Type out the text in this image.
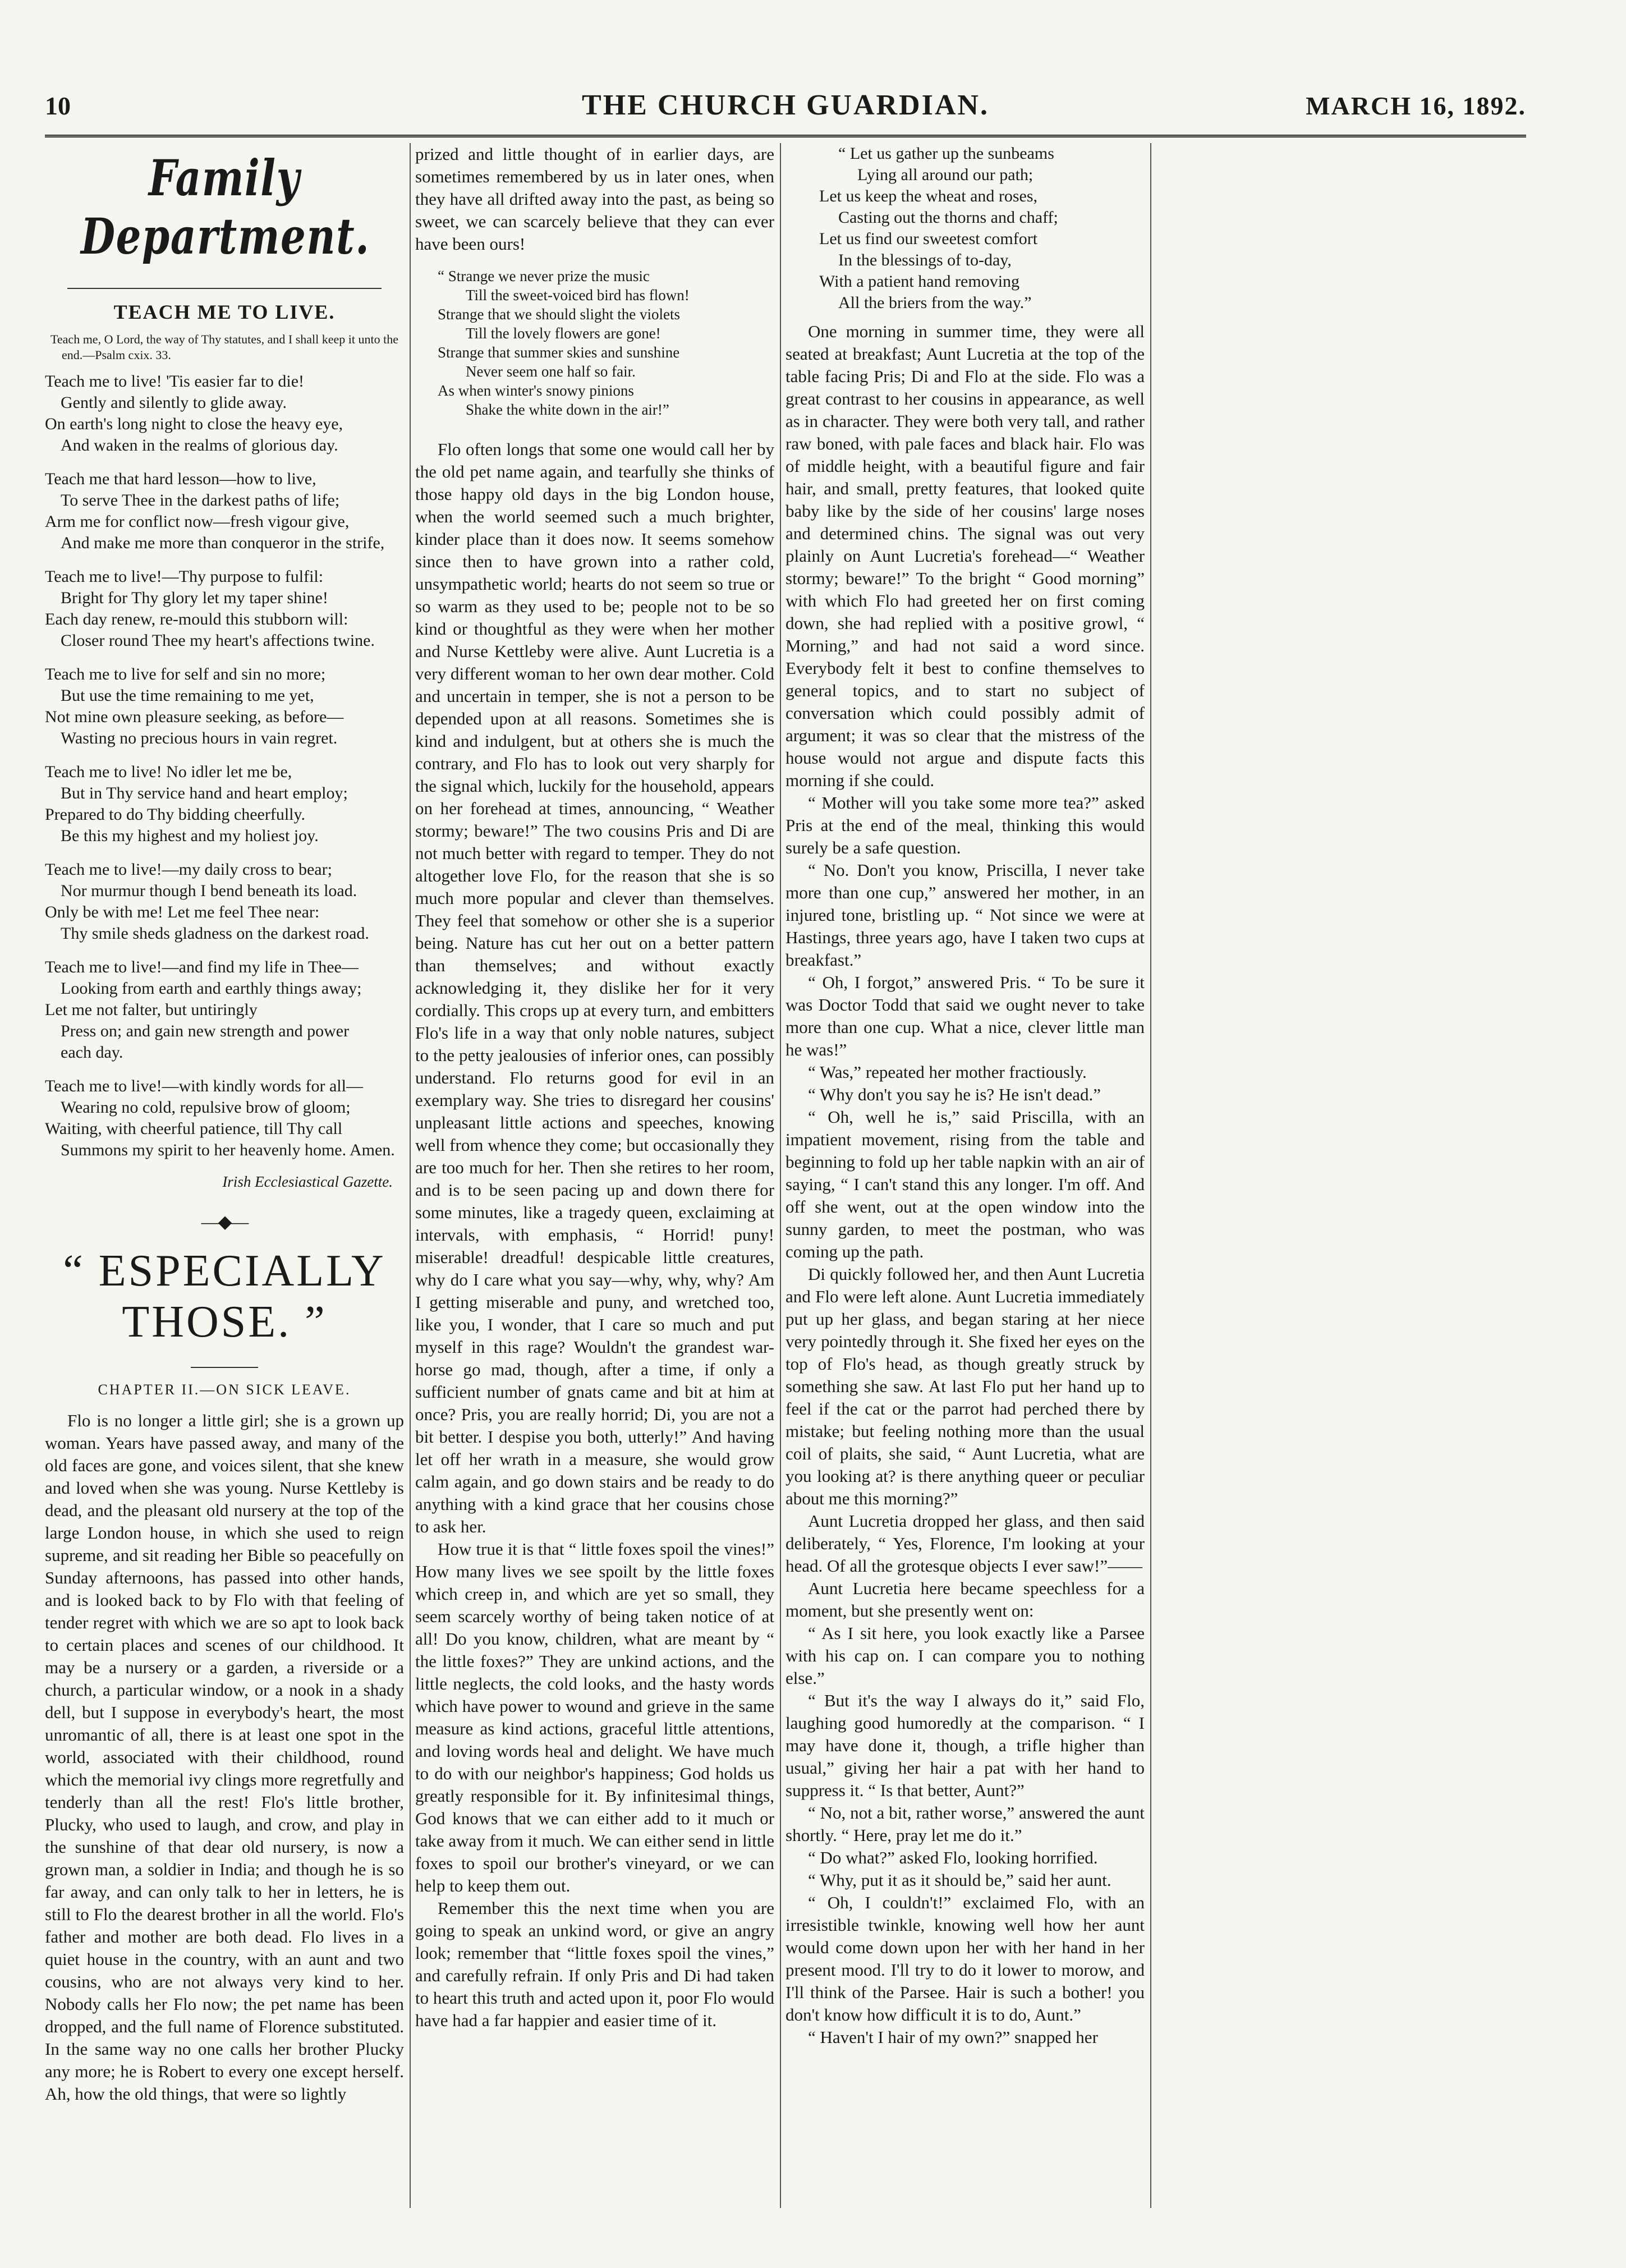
10	THE CHURCH GUARDIAN.	MARCH 16, 1892.
Family Department.
TEACH ME TO LIVE.
Teach me, O Lord, the way of Thy statutes, and I shall keep it unto the end.—Psalm cxix. 33.
Teach me to live! 'Tis easier far to die!
Gently and silently to glide away.
On earth's long night to close the heavy eye,
And waken in the realms of glorious day.
Teach me that hard lesson—how to live,
To serve Thee in the darkest paths of life;
Arm me for conflict now—fresh vigour give,
And make me more than conqueror in the strife,
Teach me to live!—Thy purpose to fulfil:
Bright for Thy glory let my taper shine!
Each day renew, re-mould this stubborn will:
Closer round Thee my heart's affections twine.
Teach me to live for self and sin no more;
But use the time remaining to me yet,
Not mine own pleasure seeking, as before—
Wasting no precious hours in vain regret.
Teach me to live! No idler let me be,
But in Thy service hand and heart employ;
Prepared to do Thy bidding cheerfully.
Be this my highest and my holiest joy.
Teach me to live!—my daily cross to bear;
Nor murmur though I bend beneath its load.
Only be with me! Let me feel Thee near:
Thy smile sheds gladness on the darkest road.
Teach me to live!—and find my life in Thee—
Looking from earth and earthly things away;
Let me not falter, but untiringly
Press on; and gain new strength and power
each day.
Teach me to live!—with kindly words for all—
Wearing no cold, repulsive brow of gloom;
Waiting, with cheerful patience, till Thy call
Summons my spirit to her heavenly home. Amen.
Irish Ecclesiastical Gazette.
—◆—
“ ESPECIALLY THOSE. ”
CHAPTER II.—ON SICK LEAVE.

Flo is no longer a little girl; she is a grown up woman. Years have passed away, and many of the old faces are gone, and voices silent, that she knew and loved when she was young. Nurse Kettleby is dead, and the pleasant old nursery at the top of the large London house, in which she used to reign supreme, and sit reading her Bible so peacefully on Sunday afternoons, has passed into other hands, and is looked back to by Flo with that feeling of tender regret with which we are so apt to look back to certain places and scenes of our childhood. It may be a nursery or a garden, a riverside or a church, a particular window, or a nook in a shady dell, but I suppose in everybody's heart, the most unromantic of all, there is at least one spot in the world, associated with their childhood, round which the memorial ivy clings more regretfully and tenderly than all the rest! Flo's little brother, Plucky, who used to laugh, and crow, and play in the sunshine of that dear old nursery, is now a grown man, a soldier in India; and though he is so far away, and can only talk to her in letters, he is still to Flo the dearest brother in all the world. Flo's father and mother are both dead. Flo lives in a quiet house in the country, with an aunt and two cousins, who are not always very kind to her. Nobody calls her Flo now; the pet name has been dropped, and the full name of Florence substituted. In the same way no one calls her brother Plucky any more; he is Robert to every one except herself. Ah, how the old things, that were so lightly

prized and little thought of in earlier days, are sometimes remembered by us in later ones, when they have all drifted away into the past, as being so sweet, we can scarcely believe that they can ever have been ours!

“ Strange we never prize the music
Till the sweet-voiced bird has flown!
Strange that we should slight the violets
Till the lovely flowers are gone!
Strange that summer skies and sunshine
Never seem one half so fair.
As when winter's snowy pinions
Shake the white down in the air!”

Flo often longs that some one would call her by the old pet name again, and tearfully she thinks of those happy old days in the big London house, when the world seemed such a much brighter, kinder place than it does now. It seems somehow since then to have grown into a rather cold, unsympathetic world; hearts do not seem so true or so warm as they used to be; people not to be so kind or thoughtful as they were when her mother and Nurse Kettleby were alive. Aunt Lucretia is a very different woman to her own dear mother. Cold and uncertain in temper, she is not a person to be depended upon at all reasons. Sometimes she is kind and indulgent, but at others she is much the contrary, and Flo has to look out very sharply for the signal which, luckily for the household, appears on her forehead at times, announcing, “ Weather stormy; beware!” The two cousins Pris and Di are not much better with regard to temper. They do not altogether love Flo, for the reason that she is so much more popular and clever than themselves. They feel that somehow or other she is a superior being. Nature has cut her out on a better pattern than themselves; and without exactly acknowledging it, they dislike her for it very cordially. This crops up at every turn, and embitters Flo's life in a way that only noble natures, subject to the petty jealousies of inferior ones, can possibly understand. Flo returns good for evil in an exemplary way. She tries to disregard her cousins' unpleasant little actions and speeches, knowing well from whence they come; but occasionally they are too much for her. Then she retires to her room, and is to be seen pacing up and down there for some minutes, like a tragedy queen, exclaiming at intervals, with emphasis, “ Horrid! puny! miserable! dreadful! despicable little creatures, why do I care what you say—why, why, why? Am I getting miserable and puny, and wretched too, like you, I wonder, that I care so much and put myself in this rage? Wouldn't the grandest war-horse go mad, though, after a time, if only a sufficient number of gnats came and bit at him at once? Pris, you are really horrid; Di, you are not a bit better. I despise you both, utterly!” And having let off her wrath in a measure, she would grow calm again, and go down stairs and be ready to do anything with a kind grace that her cousins chose to ask her.

How true it is that “ little foxes spoil the vines!” How many lives we see spoilt by the little foxes which creep in, and which are yet so small, they seem scarcely worthy of being taken notice of at all! Do you know, children, what are meant by “ the little foxes?” They are unkind actions, and the little neglects, the cold looks, and the hasty words which have power to wound and grieve in the same measure as kind actions, graceful little attentions, and loving words heal and delight. We have much to do with our neighbor's happiness; God holds us greatly responsible for it. By infinitesimal things, God knows that we can either add to it much or take away from it much. We can either send in little foxes to spoil our brother's vineyard, or we can help to keep them out.

Remember this the next time when you are going to speak an unkind word, or give an angry look; remember that “little foxes spoil the vines,” and carefully refrain. If only Pris and Di had taken to heart this truth and acted upon it, poor Flo would have had a far happier and easier time of it.

“ Let us gather up the sunbeams
Lying all around our path;
Let us keep the wheat and roses,
Casting out the thorns and chaff;
Let us find our sweetest comfort
In the blessings of to-day,
With a patient hand removing
All the briers from the way.”

One morning in summer time, they were all seated at breakfast; Aunt Lucretia at the top of the table facing Pris; Di and Flo at the side. Flo was a great contrast to her cousins in appearance, as well as in character. They were both very tall, and rather raw boned, with pale faces and black hair. Flo was of middle height, with a beautiful figure and fair hair, and small, pretty features, that looked quite baby like by the side of her cousins' large noses and determined chins. The signal was out very plainly on Aunt Lucretia's forehead—“ Weather stormy; beware!” To the bright “ Good morning” with which Flo had greeted her on first coming down, she had replied with a positive growl, “ Morning,” and had not said a word since. Everybody felt it best to confine themselves to general topics, and to start no subject of conversation which could possibly admit of argument; it was so clear that the mistress of the house would not argue and dispute facts this morning if she could.

“ Mother will you take some more tea?” asked Pris at the end of the meal, thinking this would surely be a safe question.

“ No. Don't you know, Priscilla, I never take more than one cup,” answered her mother, in an injured tone, bristling up. “ Not since we were at Hastings, three years ago, have I taken two cups at breakfast.”

“ Oh, I forgot,” answered Pris. “ To be sure it was Doctor Todd that said we ought never to take more than one cup. What a nice, clever little man he was!”

“ Was,” repeated her mother fractiously.

“ Why don't you say he is? He isn't dead.”

“ Oh, well he is,” said Priscilla, with an impatient movement, rising from the table and beginning to fold up her table napkin with an air of saying, “ I can't stand this any longer. I'm off. And off she went, out at the open window into the sunny garden, to meet the postman, who was coming up the path.

Di quickly followed her, and then Aunt Lucretia and Flo were left alone. Aunt Lucretia immediately put up her glass, and began staring at her niece very pointedly through it. She fixed her eyes on the top of Flo's head, as though greatly struck by something she saw. At last Flo put her hand up to feel if the cat or the parrot had perched there by mistake; but feeling nothing more than the usual coil of plaits, she said, “ Aunt Lucretia, what are you looking at? is there anything queer or peculiar about me this morning?”

Aunt Lucretia dropped her glass, and then said deliberately, “ Yes, Florence, I'm looking at your head. Of all the grotesque objects I ever saw!”——

Aunt Lucretia here became speechless for a moment, but she presently went on:

“ As I sit here, you look exactly like a Parsee with his cap on. I can compare you to nothing else.”

“ But it's the way I always do it,” said Flo, laughing good humoredly at the comparison. “ I may have done it, though, a trifle higher than usual,” giving her hair a pat with her hand to suppress it. “ Is that better, Aunt?”

“ No, not a bit, rather worse,” answered the aunt shortly. “ Here, pray let me do it.”

“ Do what?” asked Flo, looking horrified.

“ Why, put it as it should be,” said her aunt.

“ Oh, I couldn't!” exclaimed Flo, with an irresistible twinkle, knowing well how her aunt would come down upon her with her hand in her present mood. I'll try to do it lower to morow, and I'll think of the Parsee. Hair is such a bother! you don't know how difficult it is to do, Aunt.”

“ Haven't I hair of my own?” snapped her
